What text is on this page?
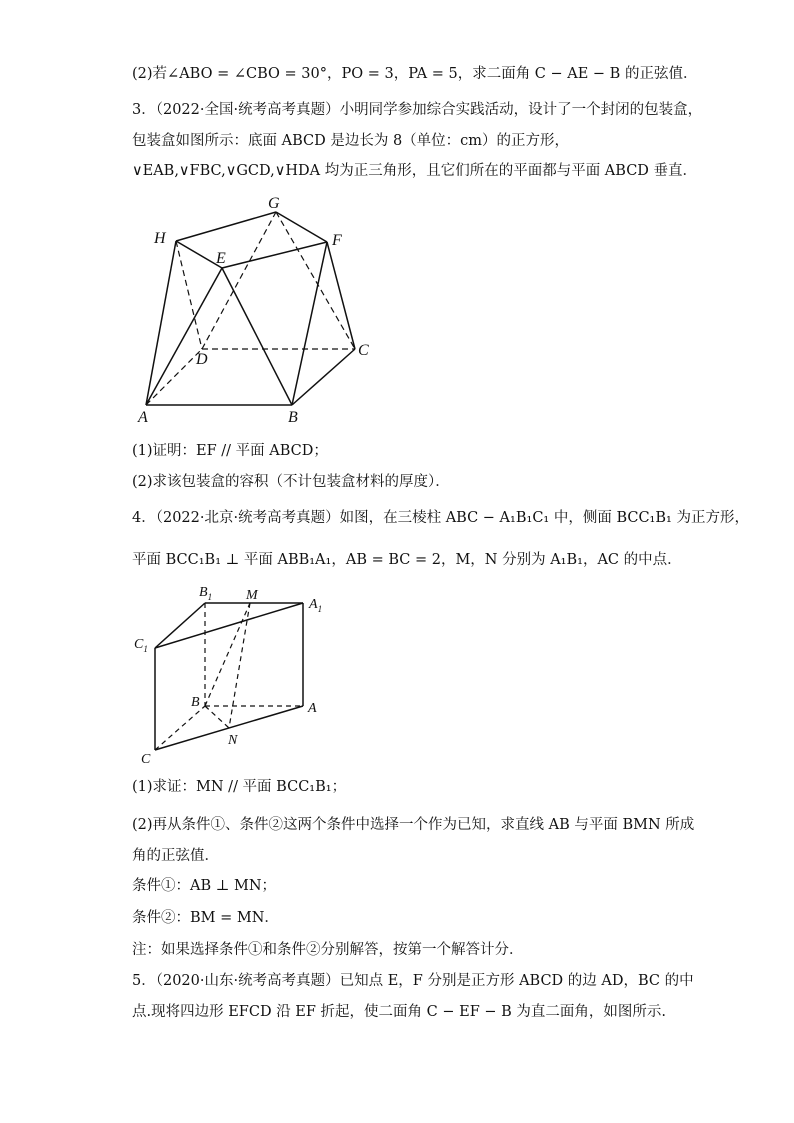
(2)若∠ABO = ∠CBO = 30°，PO = 3，PA = 5，求二面角 C − AE − B 的正弦值．
3．（2022·全国·统考高考真题）小明同学参加综合实践活动，设计了一个封闭的包装盒，
包装盒如图所示：底面 ABCD 是边长为 8（单位：cm）的正方形，
∨EAB,∨FBC,∨GCD,∨HDA 均为正三角形，且它们所在的平面都与平面 ABCD 垂直．
G
H
E
F
D
C
A	B
(1)证明：EF // 平面 ABCD；
(2)求该包装盒的容积（不计包装盒材料的厚度）．
4．（2022·北京·统考高考真题）如图，在三棱柱 ABC − A₁B₁C₁ 中，侧面 BCC₁B₁ 为正方形，
平面 BCC₁B₁ ⊥ 平面 ABB₁A₁，AB = BC = 2，M，N 分别为 A₁B₁，AC 的中点．
$B_1$ M
$A_1$
$C_1$
B	A
N
C
(1)求证：MN // 平面 BCC₁B₁；
(2)再从条件①、条件②这两个条件中选择一个作为已知，求直线 AB 与平面 BMN 所成
角的正弦值．
条件①：AB ⊥ MN；
条件②：BM = MN．
注：如果选择条件①和条件②分别解答，按第一个解答计分．
5．（2020·山东·统考高考真题）已知点 E，F 分别是正方形 ABCD 的边 AD，BC 的中
点.现将四边形 EFCD 沿 EF 折起，使二面角 C − EF − B 为直二面角，如图所示.
